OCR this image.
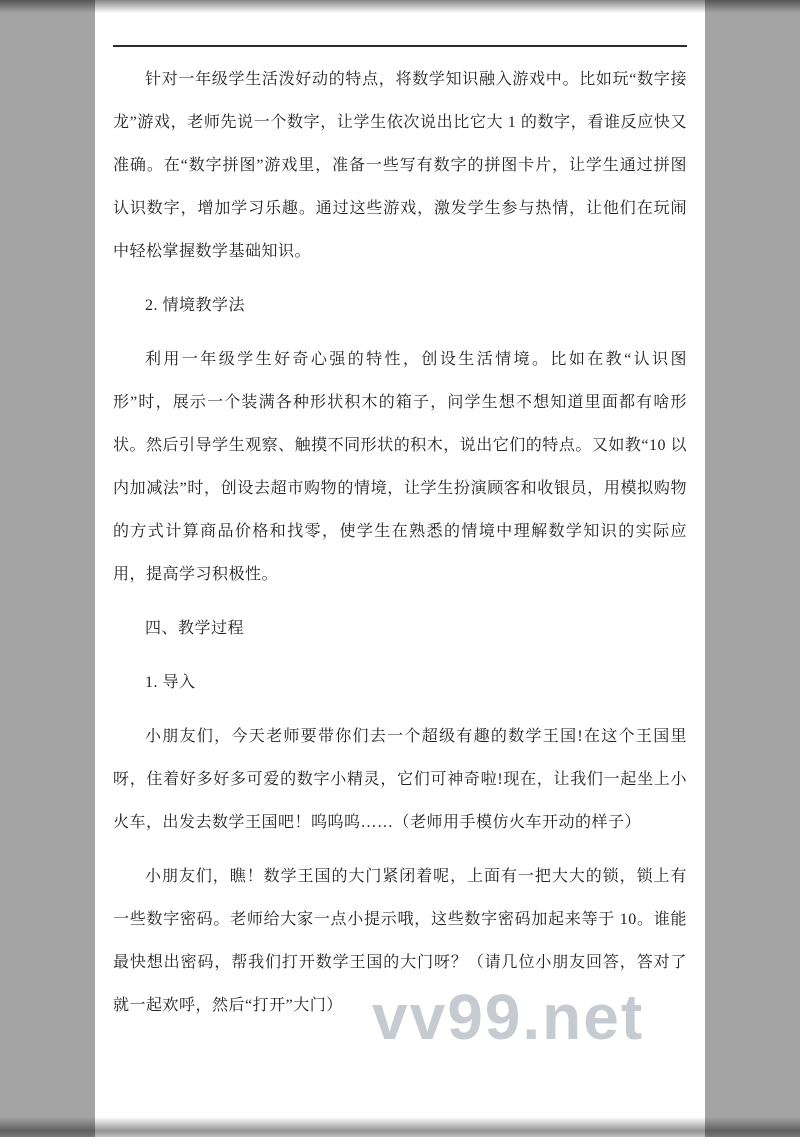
针对一年级学生活泼好动的特点，将数学知识融入游戏中。比如玩“数字接龙”游戏，老师先说一个数字，让学生依次说出比它大 1 的数字，看谁反应快又准确。在“数字拼图”游戏里，准备一些写有数字的拼图卡片，让学生通过拼图认识数字，增加学习乐趣。通过这些游戏，激发学生参与热情，让他们在玩闹中轻松掌握数学基础知识。

2. 情境教学法

利用一年级学生好奇心强的特性，创设生活情境。比如在教“认识图形”时，展示一个装满各种形状积木的箱子，问学生想不想知道里面都有啥形状。然后引导学生观察、触摸不同形状的积木，说出它们的特点。又如教“10 以内加减法”时，创设去超市购物的情境，让学生扮演顾客和收银员，用模拟购物的方式计算商品价格和找零，使学生在熟悉的情境中理解数学知识的实际应用，提高学习积极性。

四、教学过程

1. 导入

小朋友们，今天老师要带你们去一个超级有趣的数学王国!在这个王国里呀，住着好多好多可爱的数字小精灵，它们可神奇啦!现在，让我们一起坐上小火车，出发去数学王国吧！呜呜呜……（老师用手模仿火车开动的样子）

小朋友们，瞧！数学王国的大门紧闭着呢，上面有一把大大的锁，锁上有一些数字密码。老师给大家一点小提示哦，这些数字密码加起来等于 10。谁能最快想出密码，帮我们打开数学王国的大门呀？（请几位小朋友回答，答对了就一起欢呼，然后“打开”大门） vv99.net
